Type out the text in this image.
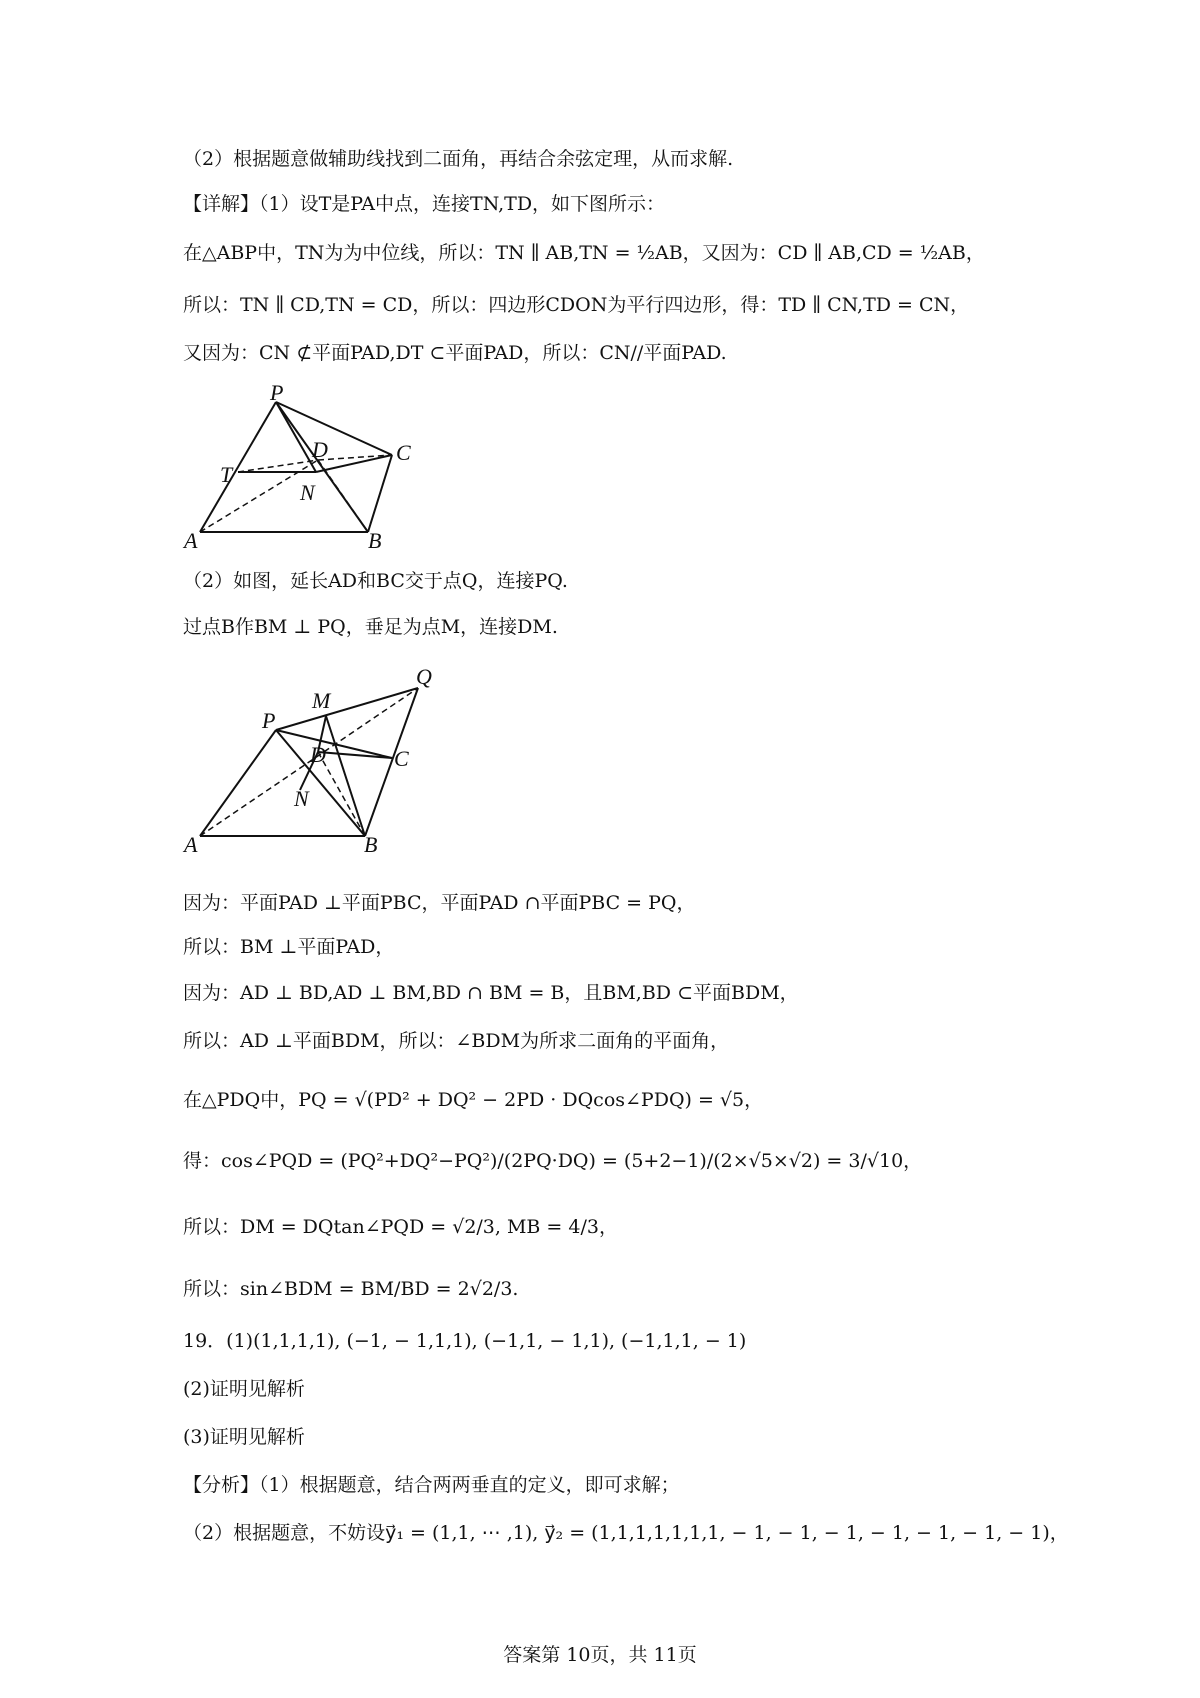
（2）根据题意做辅助线找到二面角，再结合余弦定理，从而求解.
【详解】（1）设T是PA中点，连接TN,TD，如下图所示：
在△ABP中，TN为为中位线，所以：TN ∥ AB,TN = ½AB，又因为：CD ∥ AB,CD = ½AB，
所以：TN ∥ CD,TN = CD，所以：四边形CDON为平行四边形，得：TD ∥ CN,TD = CN，
又因为：CN ⊄平面PAD,DT ⊂平面PAD，所以：CN//平面PAD.
P
D	C
T
N
A	B
（2）如图，延长AD和BC交于点Q，连接PQ.
过点B作BM ⊥ PQ，垂足为点M，连接DM.
Q
M
P
D	C
N
A	B
因为：平面PAD ⊥平面PBC，平面PAD ∩平面PBC = PQ，
所以：BM ⊥平面PAD，
因为：AD ⊥ BD,AD ⊥ BM,BD ∩ BM = B，且BM,BD ⊂平面BDM，
所以：AD ⊥平面BDM，所以：∠BDM为所求二面角的平面角，
在△PDQ中，PQ = √(PD² + DQ² − 2PD · DQcos∠PDQ) = √5，
得：cos∠PQD = (PQ²+DQ²−PQ²)/(2PQ·DQ) = (5+2−1)/(2×√5×√2) = 3/√10，
所以：DM = DQtan∠PQD = √2/3, MB = 4/3，
所以：sin∠BDM = BM/BD = 2√2/3.
19．(1)(1,1,1,1), (−1, − 1,1,1), (−1,1, − 1,1), (−1,1,1, − 1)
(2)证明见解析
(3)证明见解析
【分析】（1）根据题意，结合两两垂直的定义，即可求解；
（2）根据题意，不妨设y⃗₁ = (1,1, ⋯ ,1), y⃗₂ = (1,1,1,1,1,1,1, − 1, − 1, − 1, − 1, − 1, − 1, − 1)，
答案第 10页，共 11页
